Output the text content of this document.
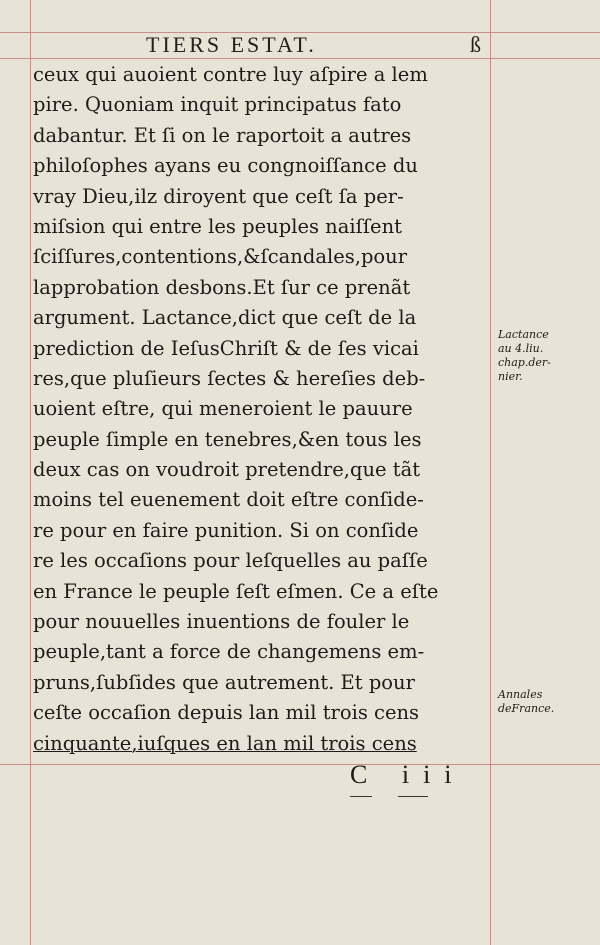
TIERS ESTAT.	ß
ceux qui auoient contre luy aſpire a lem
pire. Quoniam inquit principatus fato
dabantur. Et ſi on le raportoit a autres
philoſophes ayans eu congnoiſſance du
vray Dieu,ilz diroyent que ceſt ſa per-
miſsion qui entre les peuples naiſſent
ſciſſures,contentions,&ſcandales,pour
lapprobation desbons.Et ſur ce prenãt
argument. Lactance,dict que ceſt de la
prediction de IeſusChriſt & de ſes vicai
res,que pluſieurs ſectes & hereſies deb-
uoient eſtre, qui meneroient le pauure
peuple ſimple en tenebres,&en tous les
deux cas on voudroit pretendre,que tãt
moins tel euenement doit eſtre conſide-
re pour en faire punition. Si on conſide
re les occaſions pour leſquelles au paſſe
en France le peuple ſeſt eſmen. Ce a eſte
pour nouuelles inuentions de fouler le
peuple,tant a force de changemens em-
pruns,ſubſides que autrement. Et pour
ceſte occaſion depuis lan mil trois cens
cinquante,iuſques en lan mil trois cens
Lactance
au 4.liu.
chap.der-
nier.
Annales
deFrance.
C iii
